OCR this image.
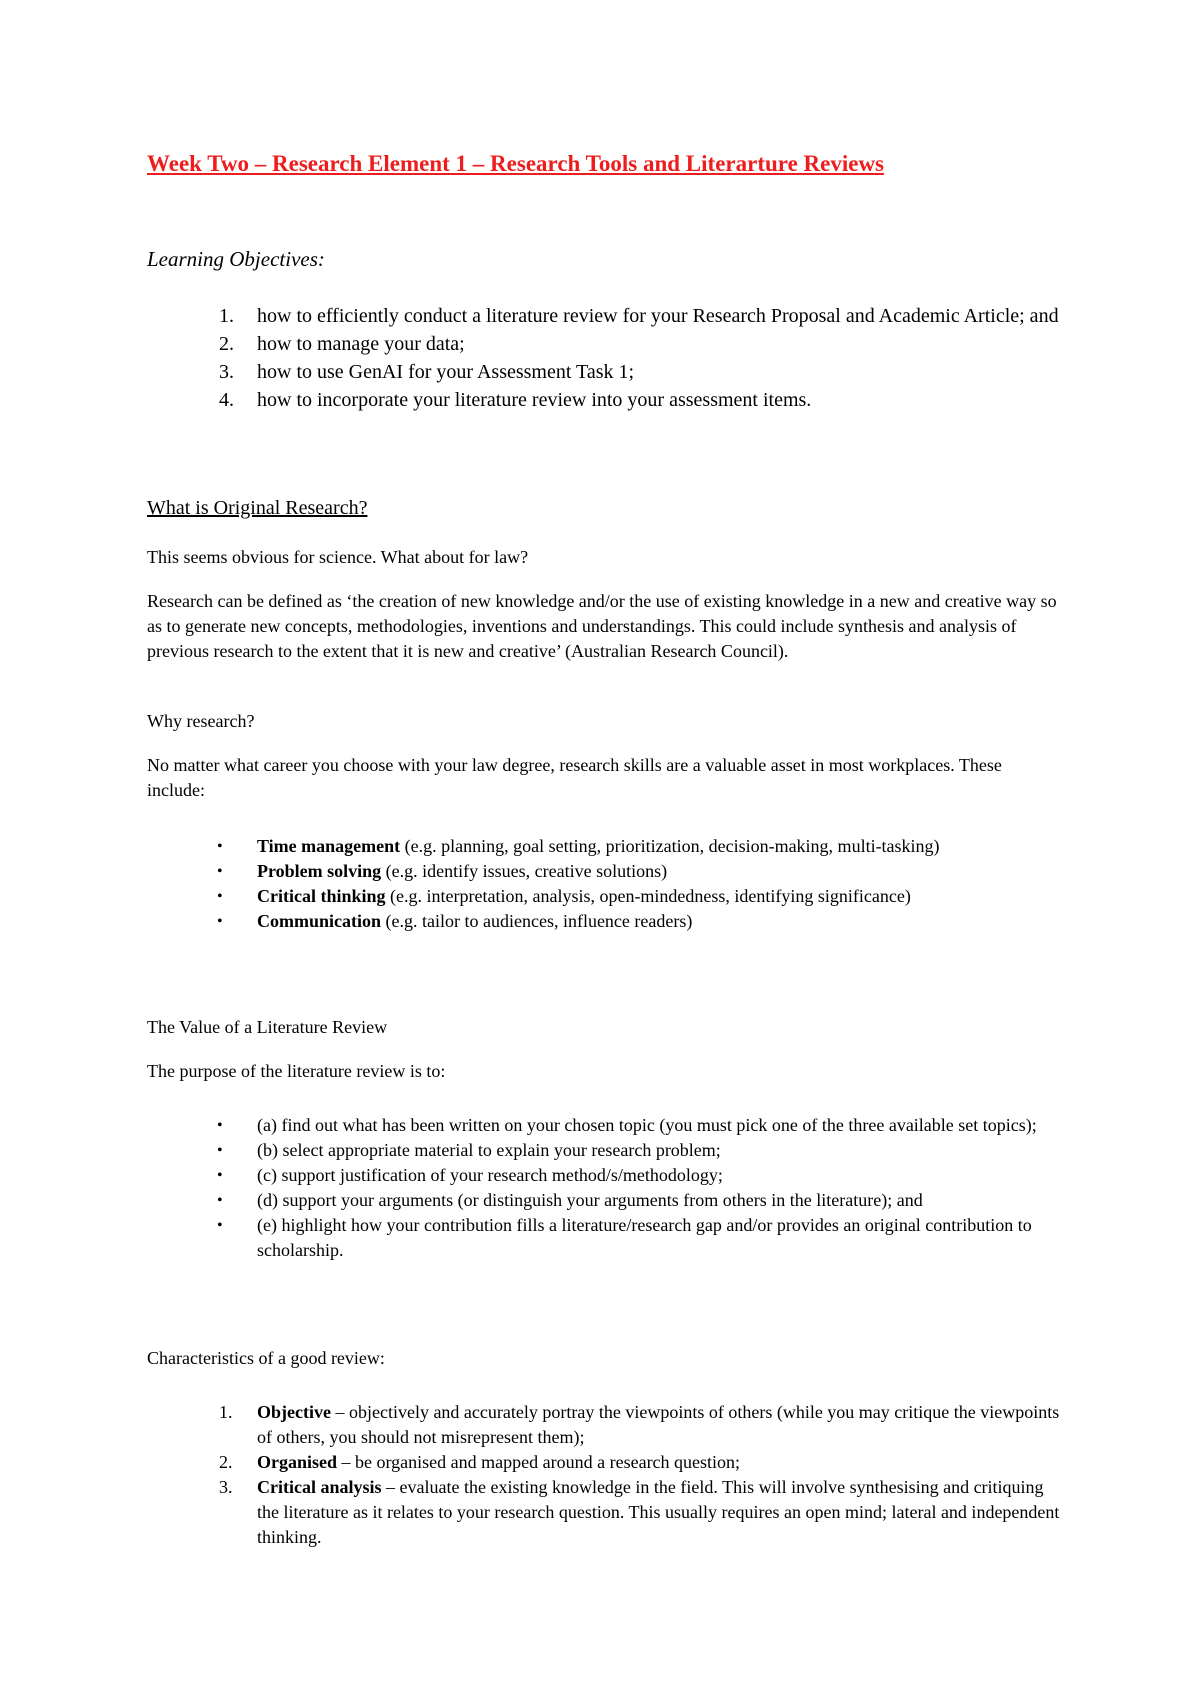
Week Two – Research Element 1 – Research Tools and Literarture Reviews

Learning Objectives:

1. how to efficiently conduct a literature review for your Research Proposal and Academic Article; and
2. how to manage your data;
3. how to use GenAI for your Assessment Task 1;
4. how to incorporate your literature review into your assessment items.

What is Original Research?

This seems obvious for science. What about for law?

Research can be defined as ‘the creation of new knowledge and/or the use of existing knowledge in a new and creative way so as to generate new concepts, methodologies, inventions and understandings. This could include synthesis and analysis of previous research to the extent that it is new and creative’ (Australian Research Council).

Why research?

No matter what career you choose with your law degree, research skills are a valuable asset in most workplaces. These include:

• Time management (e.g. planning, goal setting, prioritization, decision-making, multi-tasking)
• Problem solving (e.g. identify issues, creative solutions)
• Critical thinking (e.g. interpretation, analysis, open-mindedness, identifying significance)
• Communication (e.g. tailor to audiences, influence readers)

The Value of a Literature Review

The purpose of the literature review is to:

• (a) find out what has been written on your chosen topic (you must pick one of the three available set topics);
• (b) select appropriate material to explain your research problem;
• (c) support justification of your research method/s/methodology;
• (d) support your arguments (or distinguish your arguments from others in the literature); and
• (e) highlight how your contribution fills a literature/research gap and/or provides an original contribution to scholarship.

Characteristics of a good review:

1. Objective – objectively and accurately portray the viewpoints of others (while you may critique the viewpoints of others, you should not misrepresent them);
2. Organised – be organised and mapped around a research question;
3. Critical analysis – evaluate the existing knowledge in the field. This will involve synthesising and critiquing the literature as it relates to your research question. This usually requires an open mind; lateral and independent thinking.
